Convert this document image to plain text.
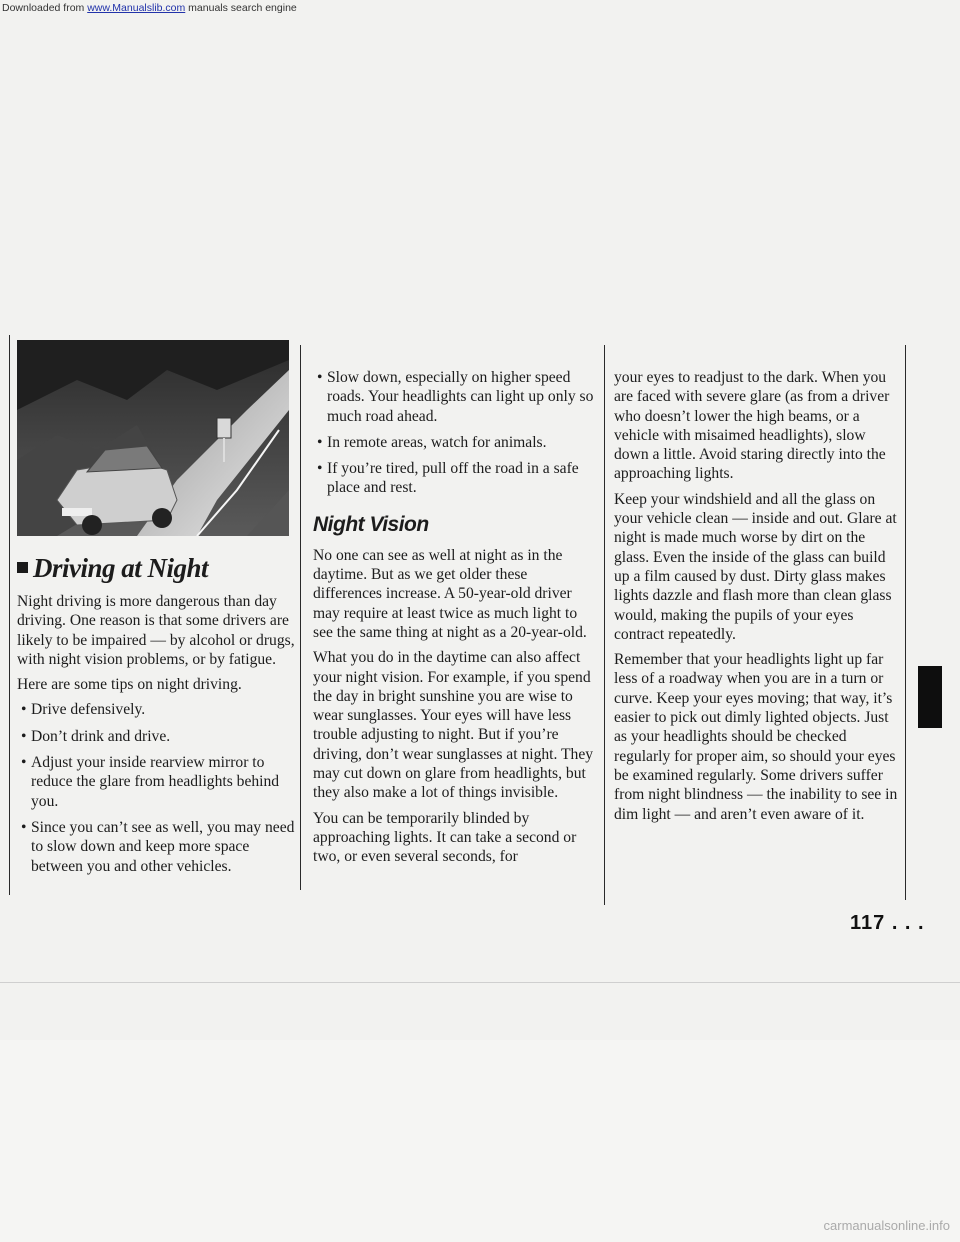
Downloaded from www.Manualslib.com manuals search engine
Driving at Night

Night driving is more dangerous than day driving. One reason is that some drivers are likely to be impaired — by alcohol or drugs, with night vision problems, or by fatigue.

Here are some tips on night driving.

• Drive defensively.
• Don’t drink and drive.
• Adjust your inside rearview mirror to reduce the glare from headlights behind you.
• Since you can’t see as well, you may need to slow down and keep more space between you and other vehicles.
• Slow down, especially on higher speed roads. Your headlights can light up only so much road ahead.
• In remote areas, watch for animals.
• If you’re tired, pull off the road in a safe place and rest.
Night Vision

No one can see as well at night as in the daytime. But as we get older these differences increase. A 50-year-old driver may require at least twice as much light to see the same thing at night as a 20-year-old.

What you do in the daytime can also affect your night vision. For example, if you spend the day in bright sunshine you are wise to wear sunglasses. Your eyes will have less trouble adjusting to night. But if you’re driving, don’t wear sunglasses at night. They may cut down on glare from headlights, but they also make a lot of things invisible.

You can be temporarily blinded by approaching lights. It can take a second or two, or even several seconds, for

your eyes to readjust to the dark. When you are faced with severe glare (as from a driver who doesn’t lower the high beams, or a vehicle with misaimed headlights), slow down a little. Avoid staring directly into the approaching lights.

Keep your windshield and all the glass on your vehicle clean — inside and out. Glare at night is made much worse by dirt on the glass. Even the inside of the glass can build up a film caused by dust. Dirty glass makes lights dazzle and flash more than clean glass would, making the pupils of your eyes contract repeatedly.

Remember that your headlights light up far less of a roadway when you are in a turn or curve. Keep your eyes moving; that way, it’s easier to pick out dimly lighted objects. Just as your headlights should be checked regularly for proper aim, so should your eyes be examined regularly. Some drivers suffer from night blindness — the inability to see in dim light — and aren’t even aware of it.

117 . . .
carmanualsonline.info
